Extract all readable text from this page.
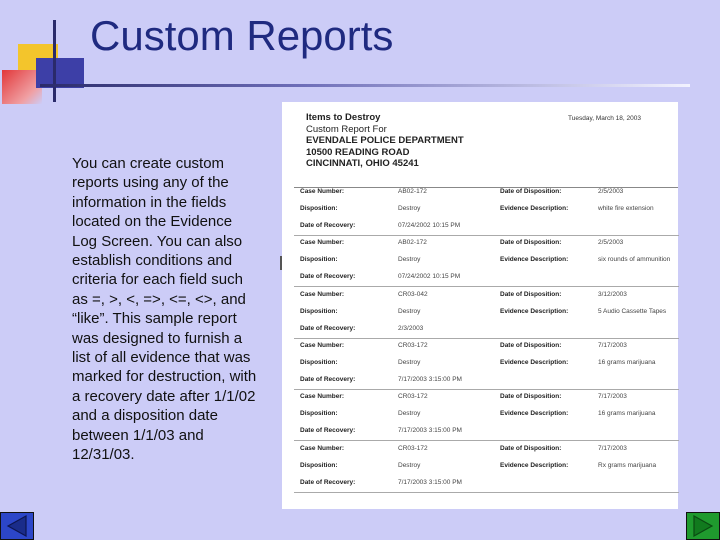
Custom Reports
You can create custom reports using any of the information in the fields located on the Evidence Log Screen. You can also establish conditions and criteria for each field such as =, >, <, =>, <=, <>, and “like”. This sample report was designed to furnish a list of all evidence that was marked for destruction, with a recovery date after 1/1/02 and a disposition date between 1/1/03 and 12/31/03.
Items to Destroy
Custom Report For
EVENDALE POLICE DEPARTMENT
10500 READING ROAD
CINCINNATI, OHIO 45241
Tuesday, March 18, 2003
Case Number:	AB02-172	Date of Disposition:	2/5/2003
Disposition:	Destroy	Evidence Description:	white fire extension
Date of Recovery:	07/24/2002 10:15 PM
Case Number:	AB02-172	Date of Disposition:	2/5/2003
Disposition:	Destroy	Evidence Description:	six rounds of ammunition
Date of Recovery:	07/24/2002 10:15 PM
Case Number:	CR03-042	Date of Disposition:	3/12/2003
Disposition:	Destroy	Evidence Description:	5 Audio Cassette Tapes
Date of Recovery:	2/3/2003
Case Number:	CR03-172	Date of Disposition:	7/17/2003
Disposition:	Destroy	Evidence Description:	16 grams marijuana
Date of Recovery:	7/17/2003 3:15:00 PM
Case Number:	CR03-172	Date of Disposition:	7/17/2003
Disposition:	Destroy	Evidence Description:	16 grams marijuana
Date of Recovery:	7/17/2003 3:15:00 PM
Case Number:	CR03-172	Date of Disposition:	7/17/2003
Disposition:	Destroy	Evidence Description:	Rx grams marijuana
Date of Recovery:	7/17/2003 3:15:00 PM
